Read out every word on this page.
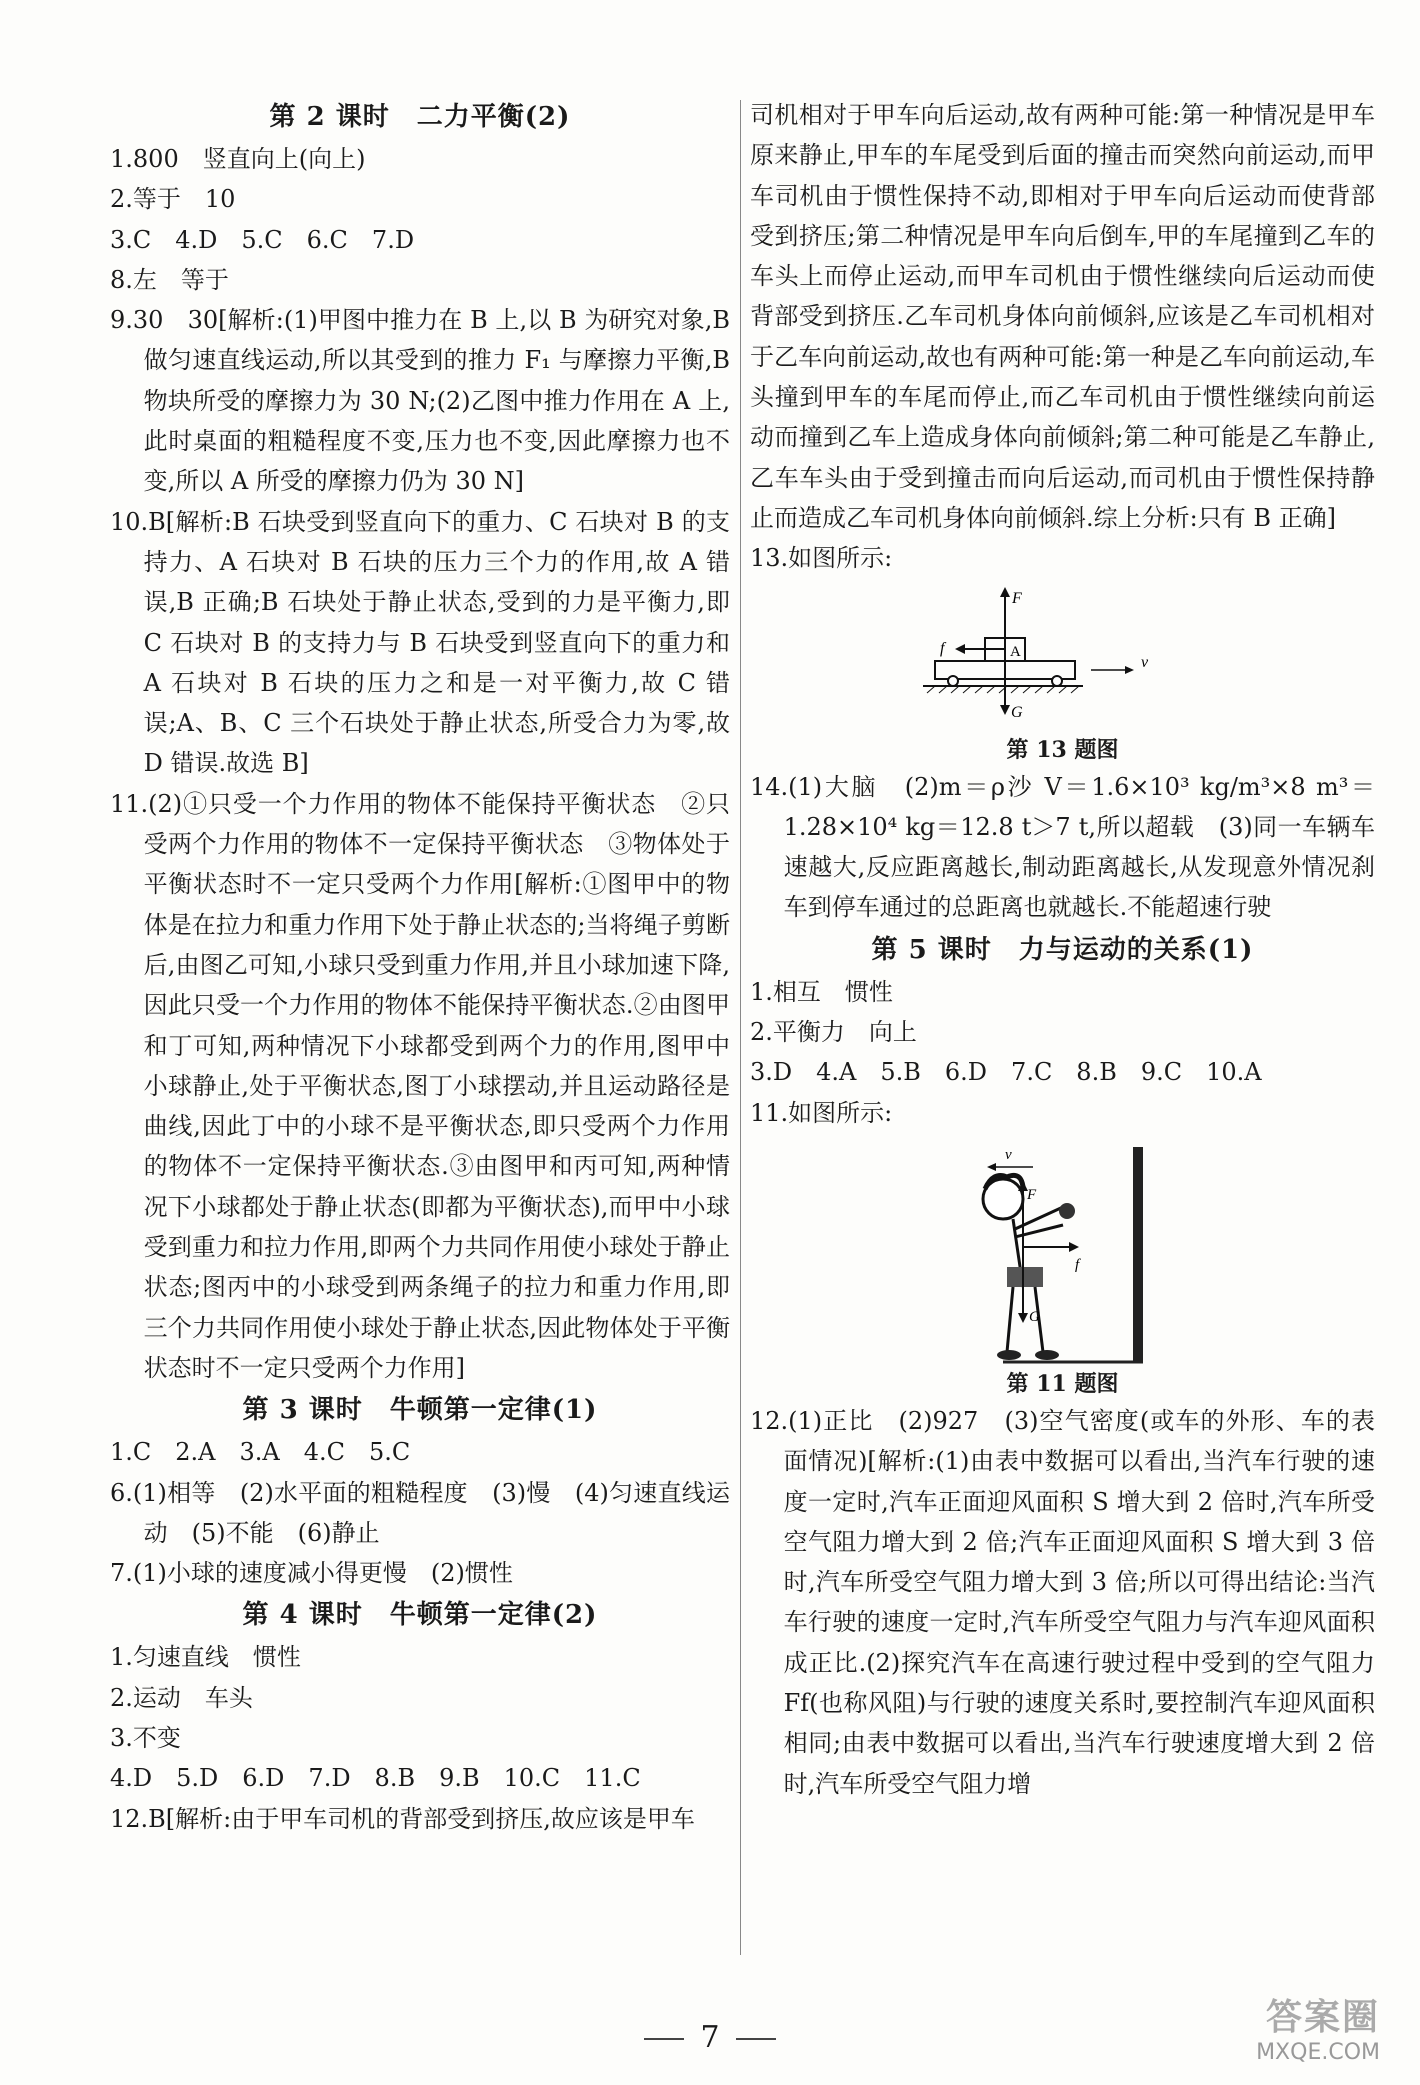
第 2 课时　二力平衡(2)

1.800　竖直向上(向上)

2.等于　10

3.C　4.D　5.C　6.C　7.D

8.左　等于

9.30　30[解析:(1)甲图中推力在 B 上,以 B 为研究对象,B 做匀速直线运动,所以其受到的推力 F₁ 与摩擦力平衡,B 物块所受的摩擦力为 30 N;(2)乙图中推力作用在 A 上,此时桌面的粗糙程度不变,压力也不变,因此摩擦力也不变,所以 A 所受的摩擦力仍为 30 N]

10.B[解析:B 石块受到竖直向下的重力、C 石块对 B 的支持力、A 石块对 B 石块的压力三个力的作用,故 A 错误,B 正确;B 石块处于静止状态,受到的力是平衡力,即 C 石块对 B 的支持力与 B 石块受到竖直向下的重力和 A 石块对 B 石块的压力之和是一对平衡力,故 C 错误;A、B、C 三个石块处于静止状态,所受合力为零,故 D 错误.故选 B]

11.(2)①只受一个力作用的物体不能保持平衡状态　②只受两个力作用的物体不一定保持平衡状态　③物体处于平衡状态时不一定只受两个力作用[解析:①图甲中的物体是在拉力和重力作用下处于静止状态的;当将绳子剪断后,由图乙可知,小球只受到重力作用,并且小球加速下降,因此只受一个力作用的物体不能保持平衡状态.②由图甲和丁可知,两种情况下小球都受到两个力的作用,图甲中小球静止,处于平衡状态,图丁小球摆动,并且运动路径是曲线,因此丁中的小球不是平衡状态,即只受两个力作用的物体不一定保持平衡状态.③由图甲和丙可知,两种情况下小球都处于静止状态(即都为平衡状态),而甲中小球受到重力和拉力作用,即两个力共同作用使小球处于静止状态;图丙中的小球受到两条绳子的拉力和重力作用,即三个力共同作用使小球处于静止状态,因此物体处于平衡状态时不一定只受两个力作用]

第 3 课时　牛顿第一定律(1)

1.C　2.A　3.A　4.C　5.C

6.(1)相等　(2)水平面的粗糙程度　(3)慢　(4)匀速直线运动　(5)不能　(6)静止

7.(1)小球的速度减小得更慢　(2)惯性

第 4 课时　牛顿第一定律(2)

1.匀速直线　惯性

2.运动　车头

3.不变

4.D　5.D　6.D　7.D　8.B　9.B　10.C　11.C

12.B[解析:由于甲车司机的背部受到挤压,故应该是甲车

司机相对于甲车向后运动,故有两种可能:第一种情况是甲车原来静止,甲车的车尾受到后面的撞击而突然向前运动,而甲车司机由于惯性保持不动,即相对于甲车向后运动而使背部受到挤压;第二种情况是甲车向后倒车,甲的车尾撞到乙车的车头上而停止运动,而甲车司机由于惯性继续向后运动而使背部受到挤压.乙车司机身体向前倾斜,应该是乙车司机相对于乙车向前运动,故也有两种可能:第一种是乙车向前运动,车头撞到甲车的车尾而停止,而乙车司机由于惯性继续向前运动而撞到乙车上造成身体向前倾斜;第二种可能是乙车静止,乙车车头由于受到撞击而向后运动,而司机由于惯性保持静止而造成乙车司机身体向前倾斜.综上分析:只有 B 正确]

13.如图所示:

A
F
f
G
v
第 13 题图

14.(1)大脑　(2)m＝ρ沙 V＝1.6×10³ kg/m³×8 m³＝1.28×10⁴ kg＝12.8 t＞7 t,所以超载　(3)同一车辆车速越大,反应距离越长,制动距离越长,从发现意外情况刹车到停车通过的总距离也就越长.不能超速行驶

第 5 课时　力与运动的关系(1)

1.相互　惯性

2.平衡力　向上

3.D　4.A　5.B　6.D　7.C　8.B　9.C　10.A

11.如图所示:

v
F
f
G
第 11 题图

12.(1)正比　(2)927　(3)空气密度(或车的外形、车的表面情况)[解析:(1)由表中数据可以看出,当汽车行驶的速度一定时,汽车正面迎风面积 S 增大到 2 倍时,汽车所受空气阻力增大到 2 倍;汽车正面迎风面积 S 增大到 3 倍时,汽车所受空气阻力增大到 3 倍;所以可得出结论:当汽车行驶的速度一定时,汽车所受空气阻力与汽车迎风面积成正比.(2)探究汽车在高速行驶过程中受到的空气阻力 Ff(也称风阻)与行驶的速度关系时,要控制汽车迎风面积相同;由表中数据可以看出,当汽车行驶速度增大到 2 倍时,汽车所受空气阻力增

7	答案圈
MXQE.COM
